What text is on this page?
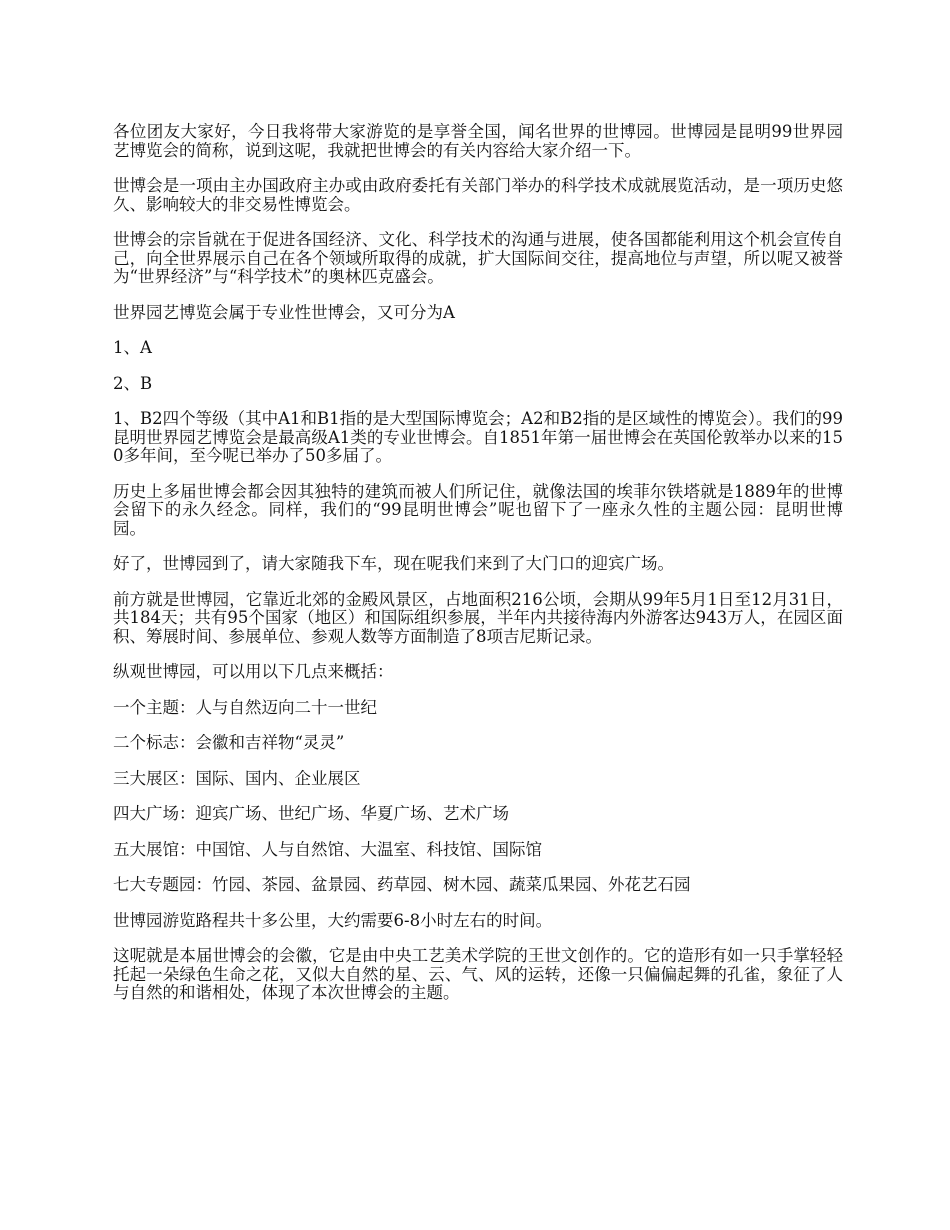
各位团友大家好，今日我将带大家游览的是享誉全国，闻名世界的世博园。世博园是昆明99世界园艺博览会的简称，说到这呢，我就把世博会的有关内容给大家介绍一下。

世博会是一项由主办国政府主办或由政府委托有关部门举办的科学技术成就展览活动，是一项历史悠久、影响较大的非交易性博览会。

世博会的宗旨就在于促进各国经济、文化、科学技术的沟通与进展，使各国都能利用这个机会宣传自己，向全世界展示自己在各个领域所取得的成就，扩大国际间交往，提高地位与声望，所以呢又被誉为“世界经济”与“科学技术”的奥林匹克盛会。

世界园艺博览会属于专业性世博会，又可分为A

1、A

2、B

1、B2四个等级（其中A1和B1指的是大型国际博览会；A2和B2指的是区域性的博览会）。我们的99昆明世界园艺博览会是最高级A1类的专业世博会。自1851年第一届世博会在英国伦敦举办以来的150多年间，至今呢已举办了50多届了。

历史上多届世博会都会因其独特的建筑而被人们所记住，就像法国的埃菲尔铁塔就是1889年的世博会留下的永久经念。同样，我们的“99昆明世博会”呢也留下了一座永久性的主题公园：昆明世博园。

好了，世博园到了，请大家随我下车，现在呢我们来到了大门口的迎宾广场。

前方就是世博园，它靠近北郊的金殿风景区，占地面积216公顷，会期从99年5月1日至12月31日，共184天；共有95个国家（地区）和国际组织参展，半年内共接待海内外游客达943万人，在园区面积、筹展时间、参展单位、参观人数等方面制造了8项吉尼斯记录。

纵观世博园，可以用以下几点来概括：

一个主题：人与自然迈向二十一世纪

二个标志：会徽和吉祥物“灵灵”

三大展区：国际、国内、企业展区

四大广场：迎宾广场、世纪广场、华夏广场、艺术广场

五大展馆：中国馆、人与自然馆、大温室、科技馆、国际馆

七大专题园：竹园、茶园、盆景园、药草园、树木园、蔬菜瓜果园、外花艺石园

世博园游览路程共十多公里，大约需要6-8小时左右的时间。

这呢就是本届世博会的会徽，它是由中央工艺美术学院的王世文创作的。它的造形有如一只手掌轻轻托起一朵绿色生命之花，又似大自然的星、云、气、风的运转，还像一只偏偏起舞的孔雀，象征了人与自然的和谐相处，体现了本次世博会的主题。
